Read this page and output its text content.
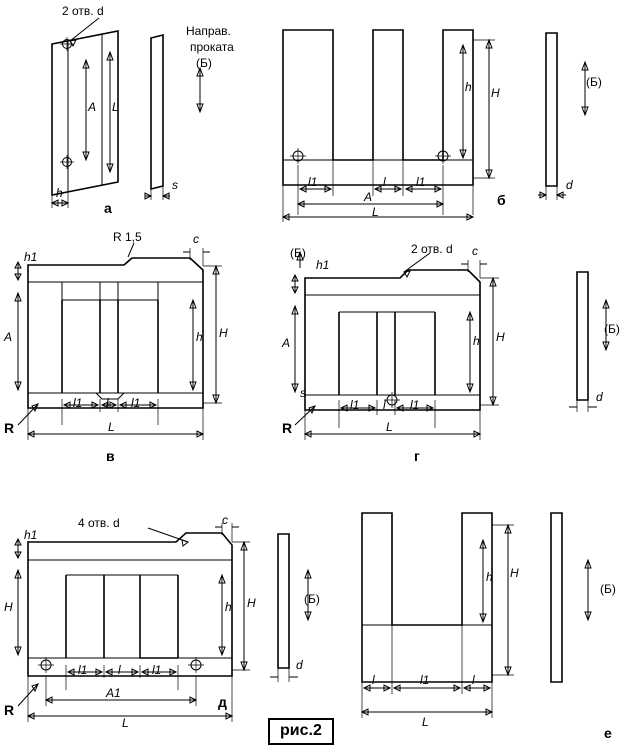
2 отв. d
A L
h
s
а
Направ.
проката
(Б)
h H
l1	l	l1
A
L
б
(Б)
d
R 1,5	c
h1
A	h H
l1 l l1
L
R
в
2 отв. d c
(Б)
h1
A	h H
l1 l l1
L
R
s
г
(Б)
d
4 отв. d	c
h1
H	h H
l1	l	l1
A1
L
R	д
(Б)
d
h H
l	l1	l
L
е
(Б)
рис.2
